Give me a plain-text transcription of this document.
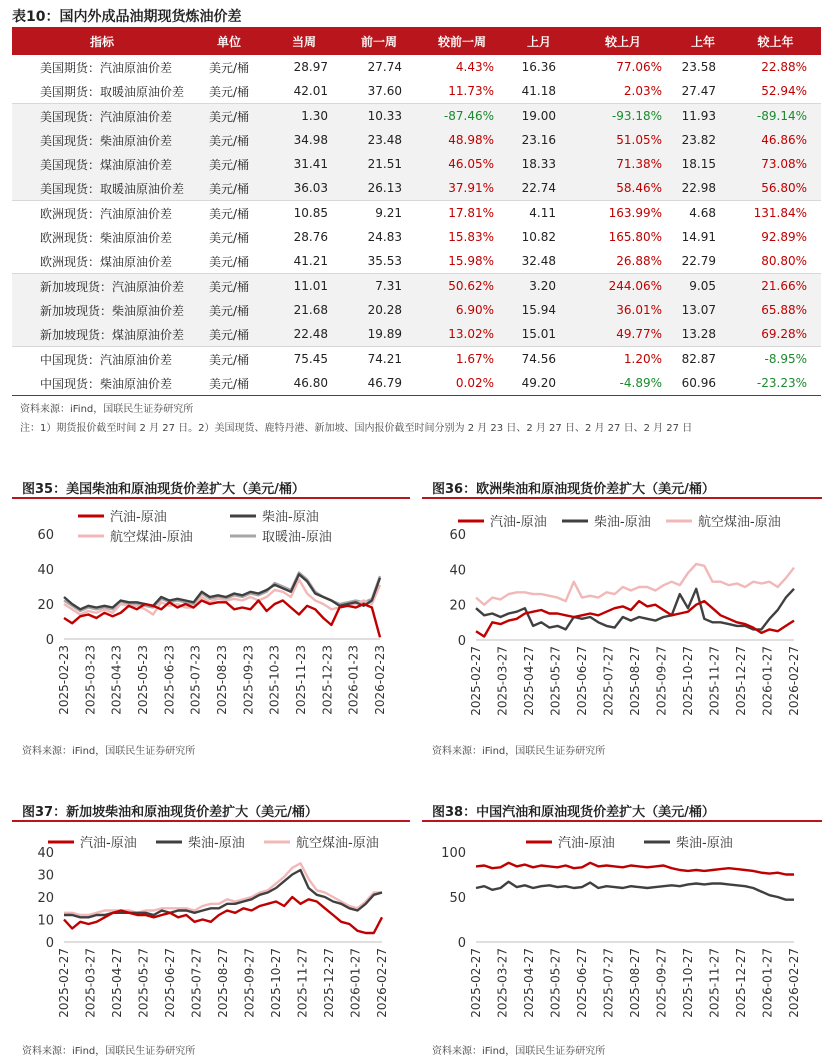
表10：国内外成品油期现货炼油价差
指标	单位	当周	前一周	较前一周	上月	较上月	上年	较上年
美国期货：汽油原油价差	美元/桶	28.97	27.74	4.43%	16.36	77.06%	23.58	22.88%
美国期货：取暖油原油价差	美元/桶	42.01	37.60	11.73%	41.18	2.03%	27.47	52.94%
美国现货：汽油原油价差	美元/桶	1.30	10.33	-87.46%	19.00	-93.18%	11.93	-89.14%
美国现货：柴油原油价差	美元/桶	34.98	23.48	48.98%	23.16	51.05%	23.82	46.86%
美国现货：煤油原油价差	美元/桶	31.41	21.51	46.05%	18.33	71.38%	18.15	73.08%
美国现货：取暖油原油价差	美元/桶	36.03	26.13	37.91%	22.74	58.46%	22.98	56.80%
欧洲现货：汽油原油价差	美元/桶	10.85	9.21	17.81%	4.11	163.99%	4.68	131.84%
欧洲现货：柴油原油价差	美元/桶	28.76	24.83	15.83%	10.82	165.80%	14.91	92.89%
欧洲现货：煤油原油价差	美元/桶	41.21	35.53	15.98%	32.48	26.88%	22.79	80.80%
新加坡现货：汽油原油价差	美元/桶	11.01	7.31	50.62%	3.20	244.06%	9.05	21.66%
新加坡现货：柴油原油价差	美元/桶	21.68	20.28	6.90%	15.94	36.01%	13.07	65.88%
新加坡现货：煤油原油价差	美元/桶	22.48	19.89	13.02%	15.01	49.77%	13.28	69.28%
中国现货：汽油原油价差	美元/桶	75.45	74.21	1.67%	74.56	1.20%	82.87	-8.95%
中国现货：柴油原油价差	美元/桶	46.80	46.79	0.02%	49.20	-4.89%	60.96	-23.23%
资料来源：iFind，国联民生证券研究所
注：1）期货报价截至时间 2 月 27 日。2）美国现货、鹿特丹港、新加坡、国内报价截至时间分别为 2 月 23 日、2 月 27 日、2 月 27 日、2 月 27 日
图35：美国柴油和原油现货价差扩大（美元/桶）
0
20
40
60
2025-02-23 2025-03-23 2025-04-23 2025-05-23 2025-06-23 2025-07-23 2025-08-23 2025-09-23 2025-10-23 2025-11-23 2025-12-23 2026-01-23 2026-02-23
汽油-原油	柴油-原油
航空煤油-原油	取暖油-原油
资料来源：iFind，国联民生证券研究所
图36：欧洲柴油和原油现货价差扩大（美元/桶）
0
20
40
60
2025-02-27 2025-03-27 2025-04-27 2025-05-27 2025-06-27 2025-07-27 2025-08-27 2025-09-27 2025-10-27 2025-11-27 2025-12-27 2026-01-27 2026-02-27
汽油-原油	柴油-原油	航空煤油-原油
资料来源：iFind，国联民生证券研究所
图37：新加坡柴油和原油现货价差扩大（美元/桶）
0
10
20
30
40
2025-02-27 2025-03-27 2025-04-27 2025-05-27 2025-06-27 2025-07-27 2025-08-27 2025-09-27 2025-10-27 2025-11-27 2025-12-27 2026-01-27 2026-02-27
汽油-原油	柴油-原油	航空煤油-原油
资料来源：iFind，国联民生证券研究所
图38：中国汽油和原油现货价差扩大（美元/桶）
0
50
100
2025-02-27 2025-03-27 2025-04-27 2025-05-27 2025-06-27 2025-07-27 2025-08-27 2025-09-27 2025-10-27 2025-11-27 2025-12-27 2026-01-27 2026-02-27
汽油-原油	柴油-原油
资料来源：iFind，国联民生证券研究所
